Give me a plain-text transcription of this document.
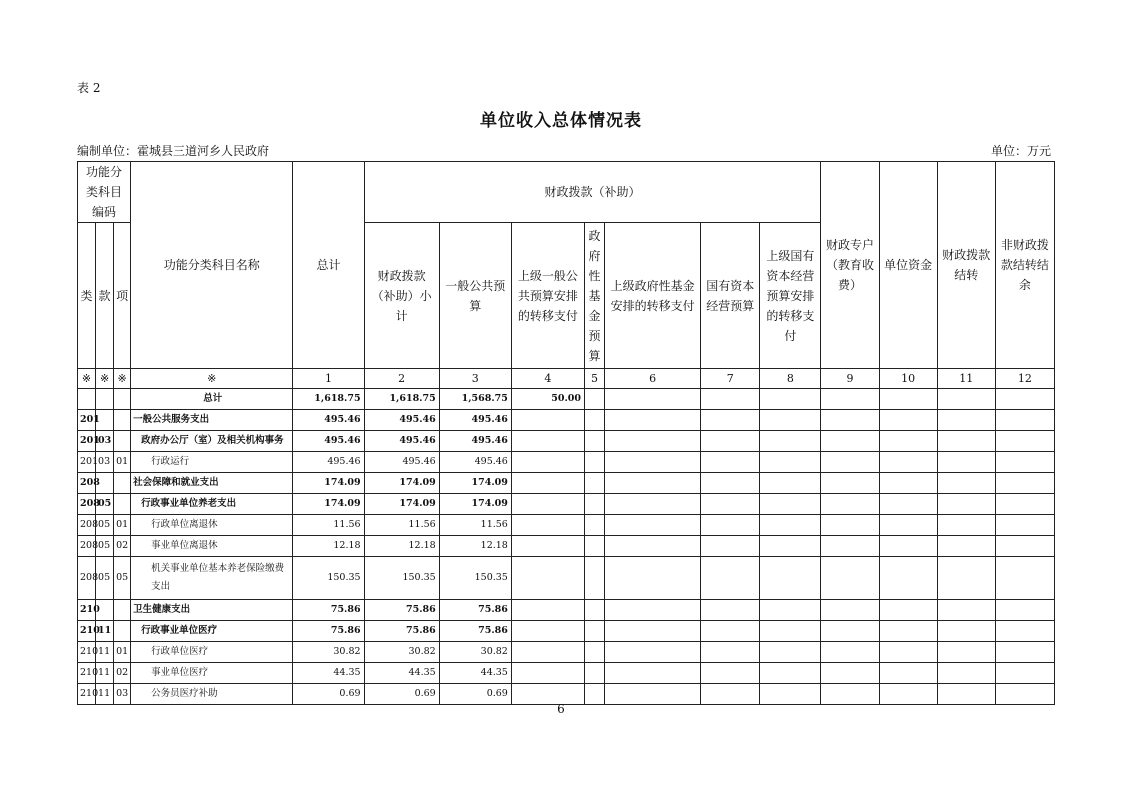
表 2
单位收入总体情况表
编制单位：霍城县三道河乡人民政府	单位：万元
功能分类科目编码			功能分类科目名称	总计	财政拨款（补助）							财政专户（教育收费）	单位资金	财政拨款结转	非财政拨款结转结余
类	款	项			财政拨款（补助）小计	一般公共预算	上级一般公共预算安排的转移支付	政府性基金预算	上级政府性基金安排的转移支付	国有资本经营预算	上级国有资本经营预算安排的转移支付				
※	※	※	※	1	2	3	4	5	6	7	8	9	10	11	12
			总计	1,618.75	1,618.75	1,568.75	50.00								
201			一般公共服务支出	495.46	495.46	495.46									
201	03		政府办公厅（室）及相关机构事务	495.46	495.46	495.46									
201	03	01	行政运行	495.46	495.46	495.46									
208			社会保障和就业支出	174.09	174.09	174.09									
208	05		行政事业单位养老支出	174.09	174.09	174.09									
208	05	01	行政单位离退休	11.56	11.56	11.56									
208	05	02	事业单位离退休	12.18	12.18	12.18									
208	05	05	机关事业单位基本养老保险缴费支出	150.35	150.35	150.35									
210			卫生健康支出	75.86	75.86	75.86									
210	11		行政事业单位医疗	75.86	75.86	75.86									
210	11	01	行政单位医疗	30.82	30.82	30.82									
210	11	02	事业单位医疗	44.35	44.35	44.35									
210	11	03	公务员医疗补助	0.69	0.69	0.69									
6
